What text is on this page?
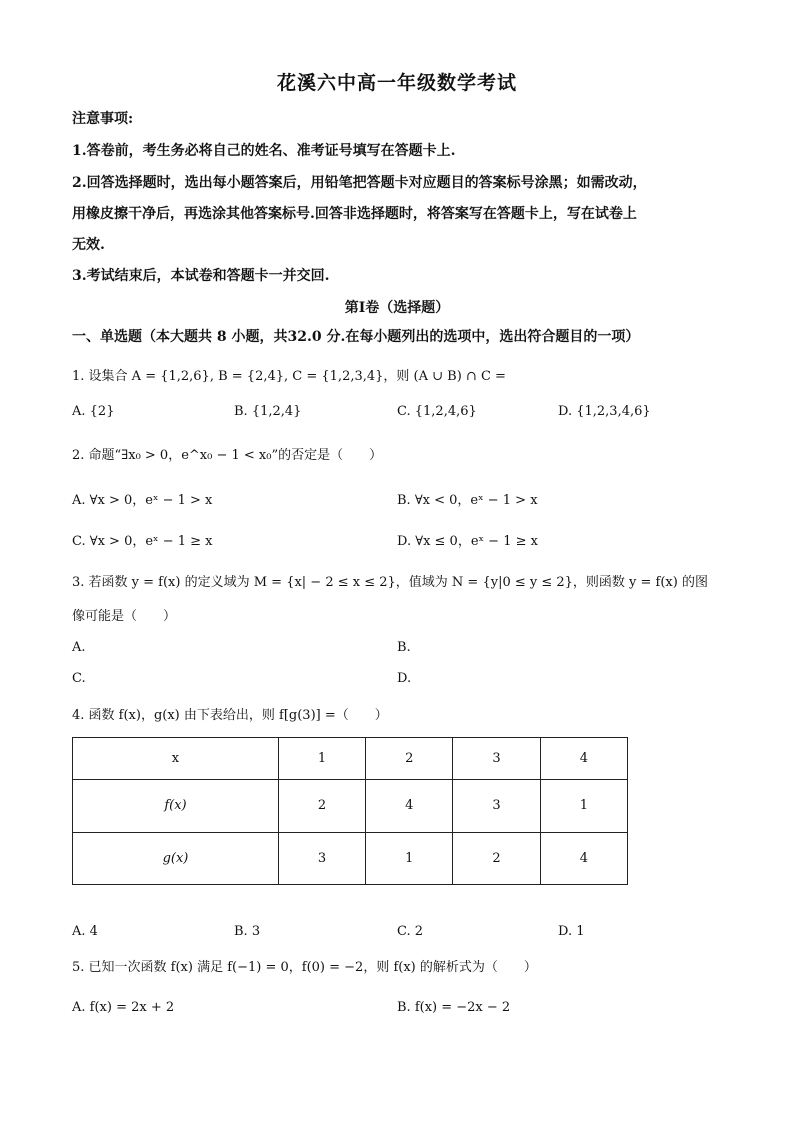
花溪六中高一年级数学考试
注意事项:
1.答卷前，考生务必将自己的姓名、准考证号填写在答题卡上.
2.回答选择题时，选出每小题答案后，用铅笔把答题卡对应题目的答案标号涂黑；如需改动，
用橡皮擦干净后，再选涂其他答案标号.回答非选择题时，将答案写在答题卡上，写在试卷上
无效.
3.考试结束后，本试卷和答题卡一并交回.
第Ⅰ卷（选择题）
一、单选题（本大题共 8 小题，共32.0 分.在每小题列出的选项中，选出符合题目的一项）
1. 设集合 A = {1,2,6}, B = {2,4}, C = {1,2,3,4}，则 (A ∪ B) ∩ C =
A. {2}	B. {1,2,4}	C. {1,2,4,6}	D. {1,2,3,4,6}
2. 命题“∃x₀ > 0，e^x₀ − 1 < x₀”的否定是（　　）
A. ∀x > 0，eˣ − 1 > x	B. ∀x < 0，eˣ − 1 > x
C. ∀x > 0，eˣ − 1 ≥ x	D. ∀x ≤ 0，eˣ − 1 ≥ x
3. 若函数 y = f(x) 的定义域为 M = {x| − 2 ≤ x ≤ 2}，值域为 N = {y|0 ≤ y ≤ 2}，则函数 y = f(x) 的图
像可能是（　　）
A.	B.
C.	D.
4. 函数 f(x)，g(x) 由下表给出，则 f[g(3)] =（　　）
x	1	2	3	4
f(x)	2	4	3	1
g(x)	3	1	2	4
A. 4	B. 3	C. 2	D. 1
5. 已知一次函数 f(x) 满足 f(−1) = 0，f(0) = −2，则 f(x) 的解析式为（　　）
A. f(x) = 2x + 2	B. f(x) = −2x − 2
